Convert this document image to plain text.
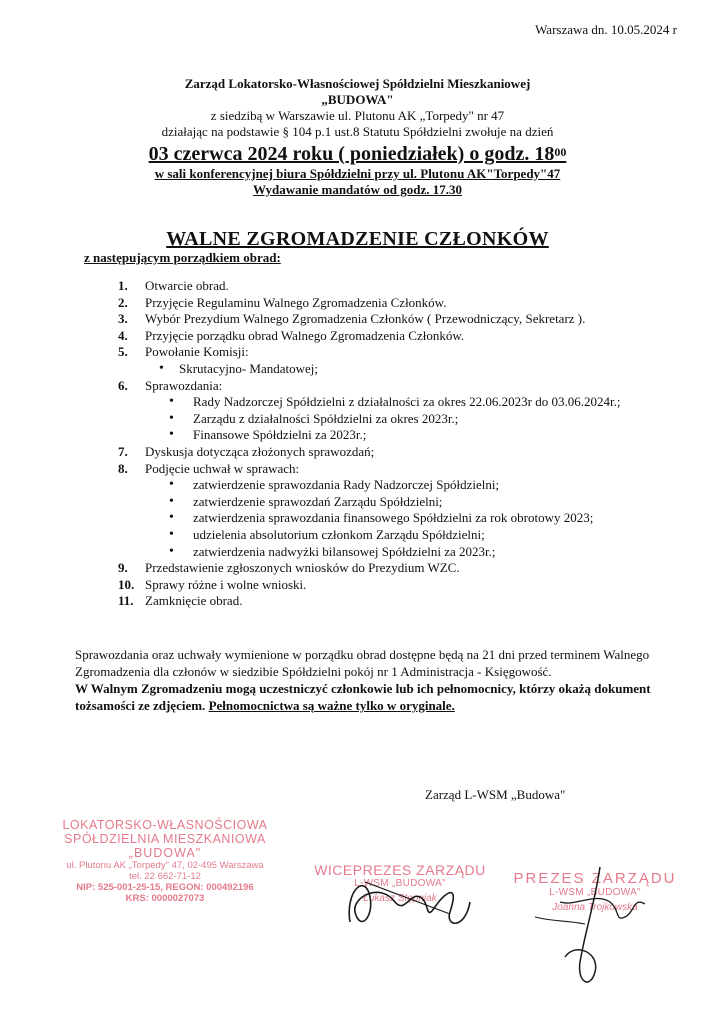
Warszawa dn. 10.05.2024 r
Zarząd Lokatorsko-Własnościowej Spółdzielni Mieszkaniowej
„BUDOWA"
z siedzibą w Warszawie ul. Plutonu AK „Torpedy" nr 47
działając na podstawie § 104 p.1 ust.8 Statutu Spółdzielni zwołuje na dzień
03 czerwca 2024 roku ( poniedziałek) o godz. $18^{00}$
w sali konferencyjnej biura Spółdzielni przy ul. Plutonu AK"Torpedy"47
Wydawanie mandatów od godz. 17.30
WALNE ZGROMADZENIE CZŁONKÓW
z następującym porządkiem obrad:
1. Otwarcie obrad.
2. Przyjęcie Regulaminu Walnego Zgromadzenia Członków.
3. Wybór Prezydium Walnego Zgromadzenia Członków ( Przewodniczący, Sekretarz ).
4. Przyjęcie porządku obrad Walnego Zgromadzenia Członków.
5. Powołanie Komisji:
• Skrutacyjno- Mandatowej;
6. Sprawozdania:
• Rady Nadzorczej Spółdzielni z działalności za okres 22.06.2023r do 03.06.2024r.;
• Zarządu z działalności Spółdzielni za okres 2023r.;
• Finansowe Spółdzielni za 2023r.;
7. Dyskusja dotycząca złożonych sprawozdań;
8. Podjęcie uchwał w sprawach:
• zatwierdzenie sprawozdania Rady Nadzorczej Spółdzielni;
• zatwierdzenie sprawozdań Zarządu Spółdzielni;
• zatwierdzenia sprawozdania finansowego Spółdzielni za rok obrotowy 2023;
• udzielenia absolutorium członkom Zarządu Spółdzielni;
• zatwierdzenia nadwyżki bilansowej Spółdzielni za 2023r.;
9. Przedstawienie zgłoszonych wniosków do Prezydium WZC.
10. Sprawy różne i wolne wnioski.
11. Zamknięcie obrad.
Sprawozdania oraz uchwały wymienione w porządku obrad dostępne będą na 21 dni przed terminem Walnego Zgromadzenia dla członów w siedzibie Spółdzielni pokój nr 1 Administracja - Księgowość.
W Walnym Zgromadzeniu mogą uczestniczyć członkowie lub ich pełnomocnicy, którzy okażą dokument tożsamości ze zdjęciem. Pełnomocnictwa są ważne tylko w oryginale.
Zarząd L-WSM „Budowa"
LOKATORSKO-WŁASNOŚCIOWA
SPÓŁDZIELNIA MIESZKANIOWA
„BUDOWA"
ul. Plutonu AK „Torpedy" 47, 02-495 Warszawa
tel. 22 662-71-12
NIP: 525-001-25-15, REGON: 000492196
KRS: 0000027073
WICEPREZES ZARZĄDU
L-WSM „BUDOWA"
Łukasz Stępniak
PREZES ZARZĄDU
L-WSM „BUDOWA"
Joanna Trojkowska
